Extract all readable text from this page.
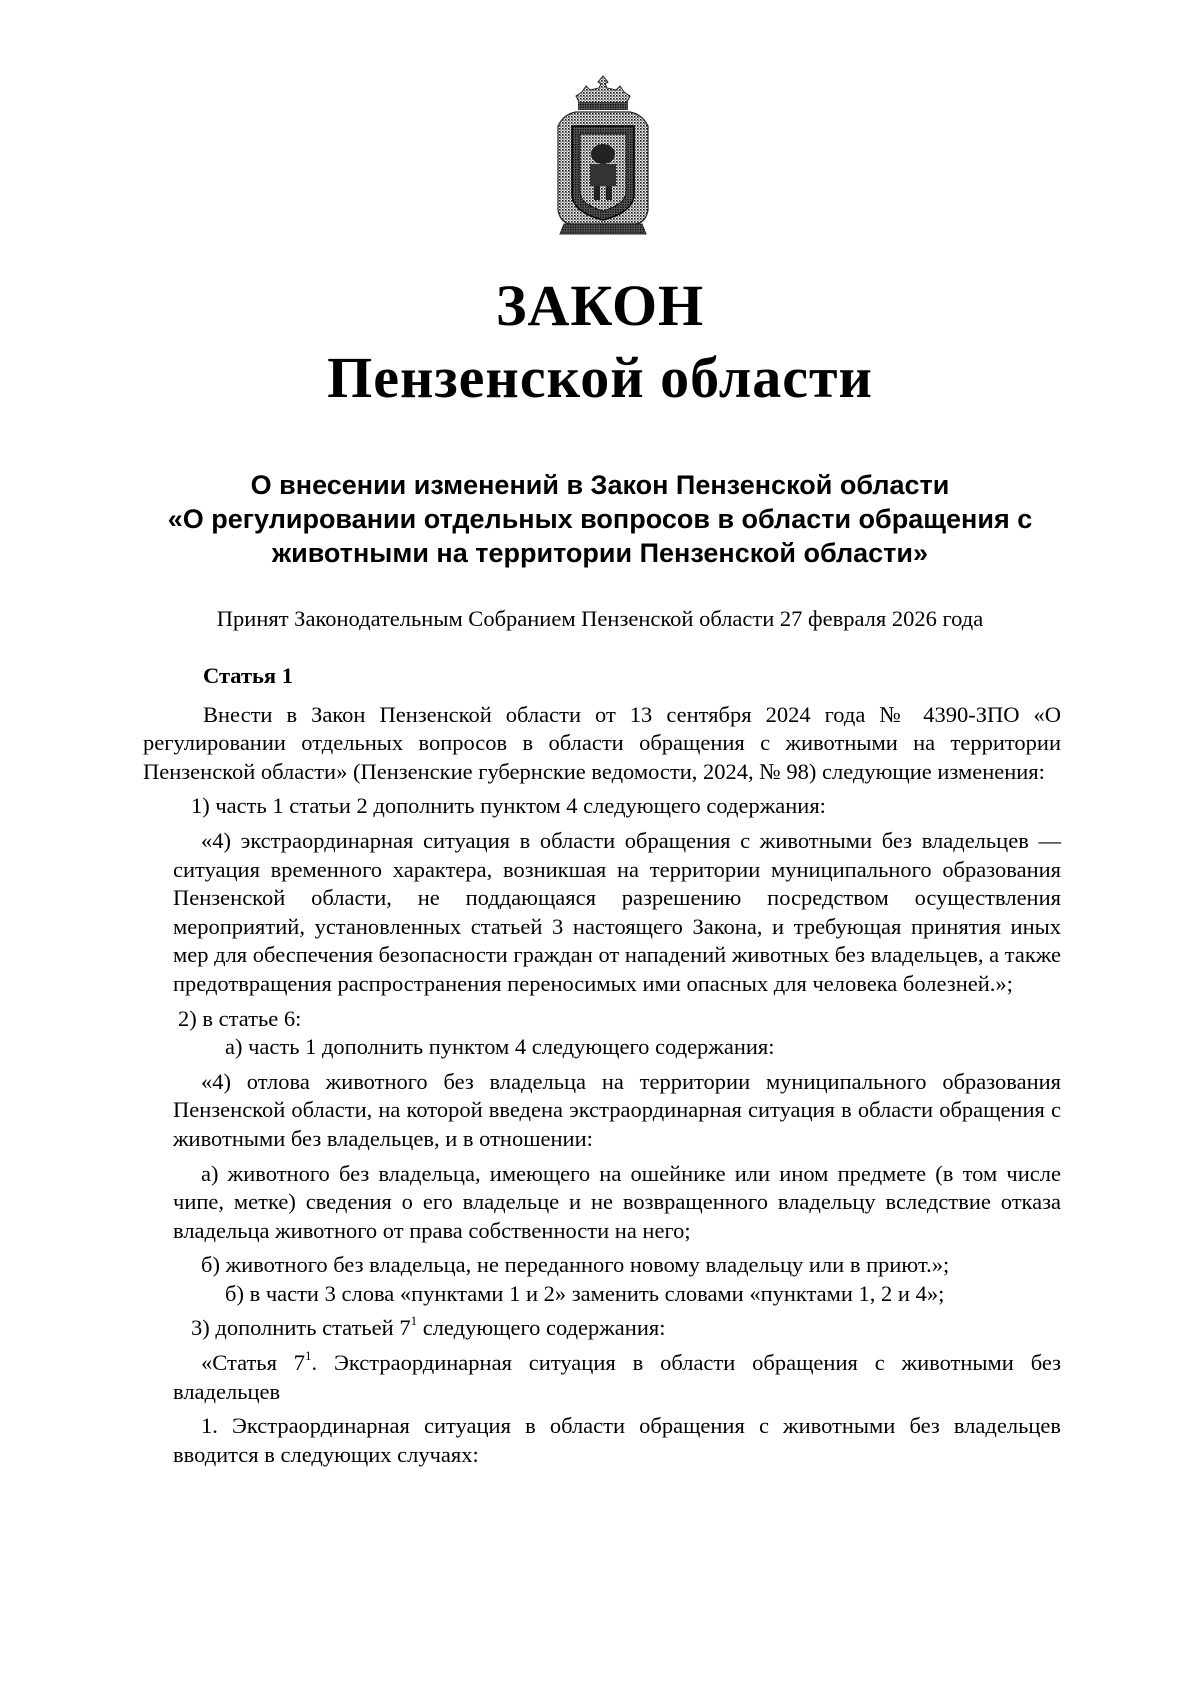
ЗАКОН
Пензенской области
О внесении изменений в Закон Пензенской области
«О регулировании отдельных вопросов в области обращения с
животными на территории Пензенской области»
Принят Законодательным Собранием Пензенской области 27 февраля 2026 года

Статья 1

Внести в Закон Пензенской области от 13 сентября 2024 года № 4390-ЗПО «О регулировании отдельных вопросов в области обращения с животными на территории Пензенской области» (Пензенские губернские ведомости, 2024, № 98) следующие изменения:

1) часть 1 статьи 2 дополнить пунктом 4 следующего содержания:

«4) экстраординарная ситуация в области обращения с животными без владельцев — ситуация временного характера, возникшая на территории муниципального образования Пензенской области, не поддающаяся разрешению посредством осуществления мероприятий, установленных статьей 3 настоящего Закона, и требующая принятия иных мер для обеспечения безопасности граждан от нападений животных без владельцев, а также предотвращения распространения переносимых ими опасных для человека болезней.»;

2) в статье 6:

а) часть 1 дополнить пунктом 4 следующего содержания:

«4) отлова животного без владельца на территории муниципального образования Пензенской области, на которой введена экстраординарная ситуация в области обращения с животными без владельцев, и в отношении:

а) животного без владельца, имеющего на ошейнике или ином предмете (в том числе чипе, метке) сведения о его владельце и не возвращенного владельцу вследствие отказа владельца животного от права собственности на него;

б) животного без владельца, не переданного новому владельцу или в приют.»;

б) в части 3 слова «пунктами 1 и 2» заменить словами «пунктами 1, 2 и 4»;

3) дополнить статьей $7^1$ следующего содержания:

«Статья $7^1$. Экстраординарная ситуация в области обращения с животными без владельцев

1. Экстраординарная ситуация в области обращения с животными без владельцев вводится в следующих случаях:
